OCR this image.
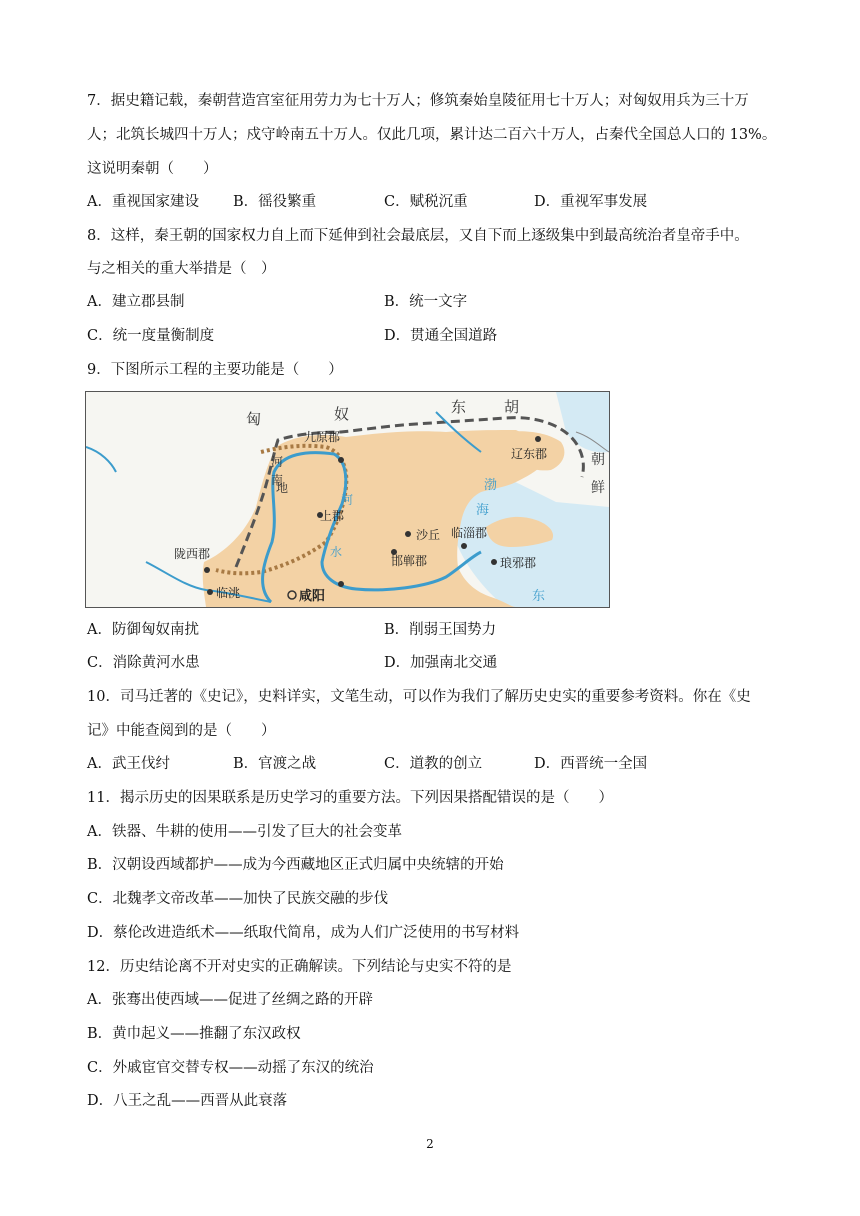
7．据史籍记载，秦朝营造宫室征用劳力为七十万人；修筑秦始皇陵征用七十万人；对匈奴用兵为三十万
人；北筑长城四十万人；戍守岭南五十万人。仅此几项，累计达二百六十万人，占秦代全国总人口的 13%。
这说明秦朝（　　）
A．重视国家建设 B．徭役繁重	C．赋税沉重	D．重视军事发展
8．这样，秦王朝的国家权力自上而下延伸到社会最底层，又自下而上逐级集中到最高统治者皇帝手中。
与之相关的重大举措是（　）
A．建立郡县制	B．统一文字
C．统一度量衡制度	D．贯通全国道路
9．下图所示工程的主要功能是（　　）
匈	奴	东	胡
九原郡
辽东郡	朝
鲜
河
南
地
河
水
渤
海
上郡
沙丘 临淄郡
邯郸郡	琅邪郡
陇西郡
临洮	咸阳	东
A．防御匈奴南扰	B．削弱王国势力
C．消除黄河水患	D．加强南北交通
10．司马迁著的《史记》，史料详实，文笔生动，可以作为我们了解历史史实的重要参考资料。你在《史
记》中能查阅到的是（　　）
A．武王伐纣	B．官渡之战	C．道教的创立	D．西晋统一全国
11．揭示历史的因果联系是历史学习的重要方法。下列因果搭配错误的是（　　）
A．铁器、牛耕的使用——引发了巨大的社会变革
B．汉朝设西域都护——成为今西藏地区正式归属中央统辖的开始
C．北魏孝文帝改革——加快了民族交融的步伐
D．蔡伦改进造纸术——纸取代简帛，成为人们广泛使用的书写材料
12．历史结论离不开对史实的正确解读。下列结论与史实不符的是
A．张骞出使西域——促进了丝绸之路的开辟
B．黄巾起义——推翻了东汉政权
C．外戚宦官交替专权——动摇了东汉的统治
D．八王之乱——西晋从此衰落
2
